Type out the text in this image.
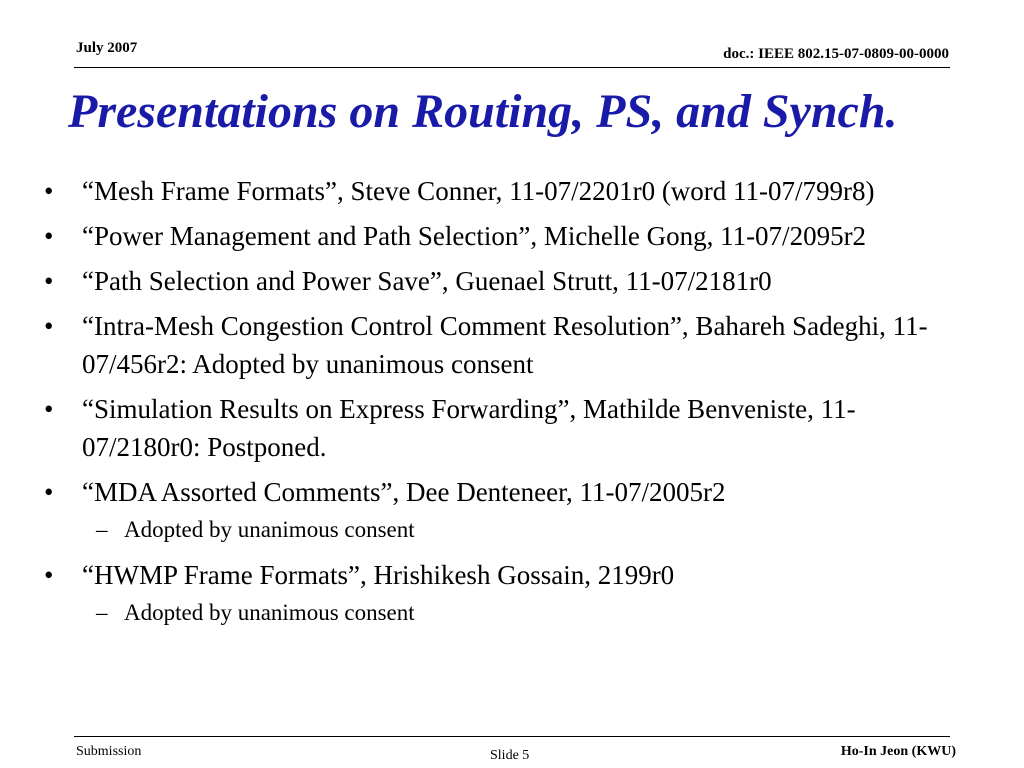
July 2007	doc.: IEEE 802.15-07-0809-00-0000
Presentations on Routing, PS, and Synch.
• “Mesh Frame Formats”, Steve Conner, 11-07/2201r0 (word 11-07/799r8)
• “Power Management and Path Selection”, Michelle Gong, 11-07/2095r2
• “Path Selection and Power Save”, Guenael Strutt, 11-07/2181r0
• “Intra-Mesh Congestion Control Comment Resolution”, Bahareh Sadeghi, 11-07/456r2: Adopted by unanimous consent
• “Simulation Results on Express Forwarding”, Mathilde Benveniste, 11-07/2180r0: Postponed.
• “MDA Assorted Comments”, Dee Denteneer, 11-07/2005r2
– Adopted by unanimous consent
• “HWMP Frame Formats”, Hrishikesh Gossain, 2199r0
– Adopted by unanimous consent
Submission	Slide 5	Ho-In Jeon (KWU)
